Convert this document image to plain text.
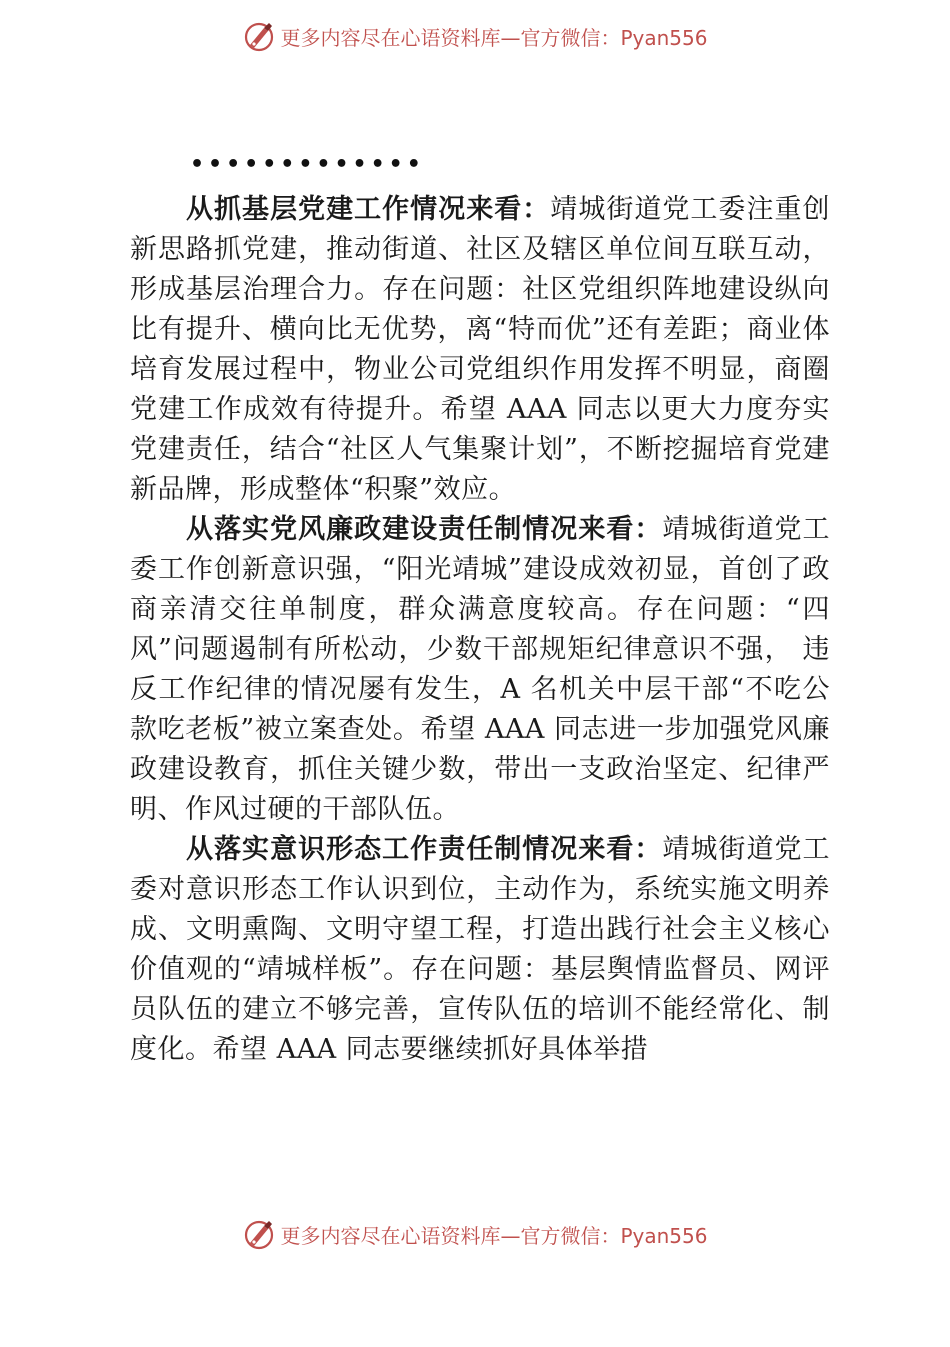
更多内容尽在心语资料库—官方微信：Pyan556
•••••••••••••

从抓基层党建工作情况来看：靖城街道党工委注重创新思路抓党建，推动街道、社区及辖区单位间互联互动，形成基层治理合力。存在问题：社区党组织阵地建设纵向比有提升、横向比无优势，离“特而优”还有差距；商业体培育发展过程中，物业公司党组织作用发挥不明显，商圈党建工作成效有待提升。希望 AAA 同志以更大力度夯实党建责任，结合“社区人气集聚计划”，不断挖掘培育党建新品牌，形成整体“积聚”效应。

从落实党风廉政建设责任制情况来看：靖城街道党工委工作创新意识强，“阳光靖城”建设成效初显，首创了政商亲清交往单制度，群众满意度较高。存在问题：“四风”问题遏制有所松动，少数干部规矩纪律意识不强， 违反工作纪律的情况屡有发生，A 名机关中层干部“不吃公款吃老板”被立案查处。希望 AAA 同志进一步加强党风廉政建设教育，抓住关键少数，带出一支政治坚定、纪律严明、作风过硬的干部队伍。

从落实意识形态工作责任制情况来看：靖城街道党工委对意识形态工作认识到位，主动作为，系统实施文明养成、文明熏陶、文明守望工程，打造出践行社会主义核心价值观的“靖城样板”。存在问题：基层舆情监督员、网评员队伍的建立不够完善，宣传队伍的培训不能经常化、制度化。希望 AAA 同志要继续抓好具体举措

更多内容尽在心语资料库—官方微信：Pyan556
